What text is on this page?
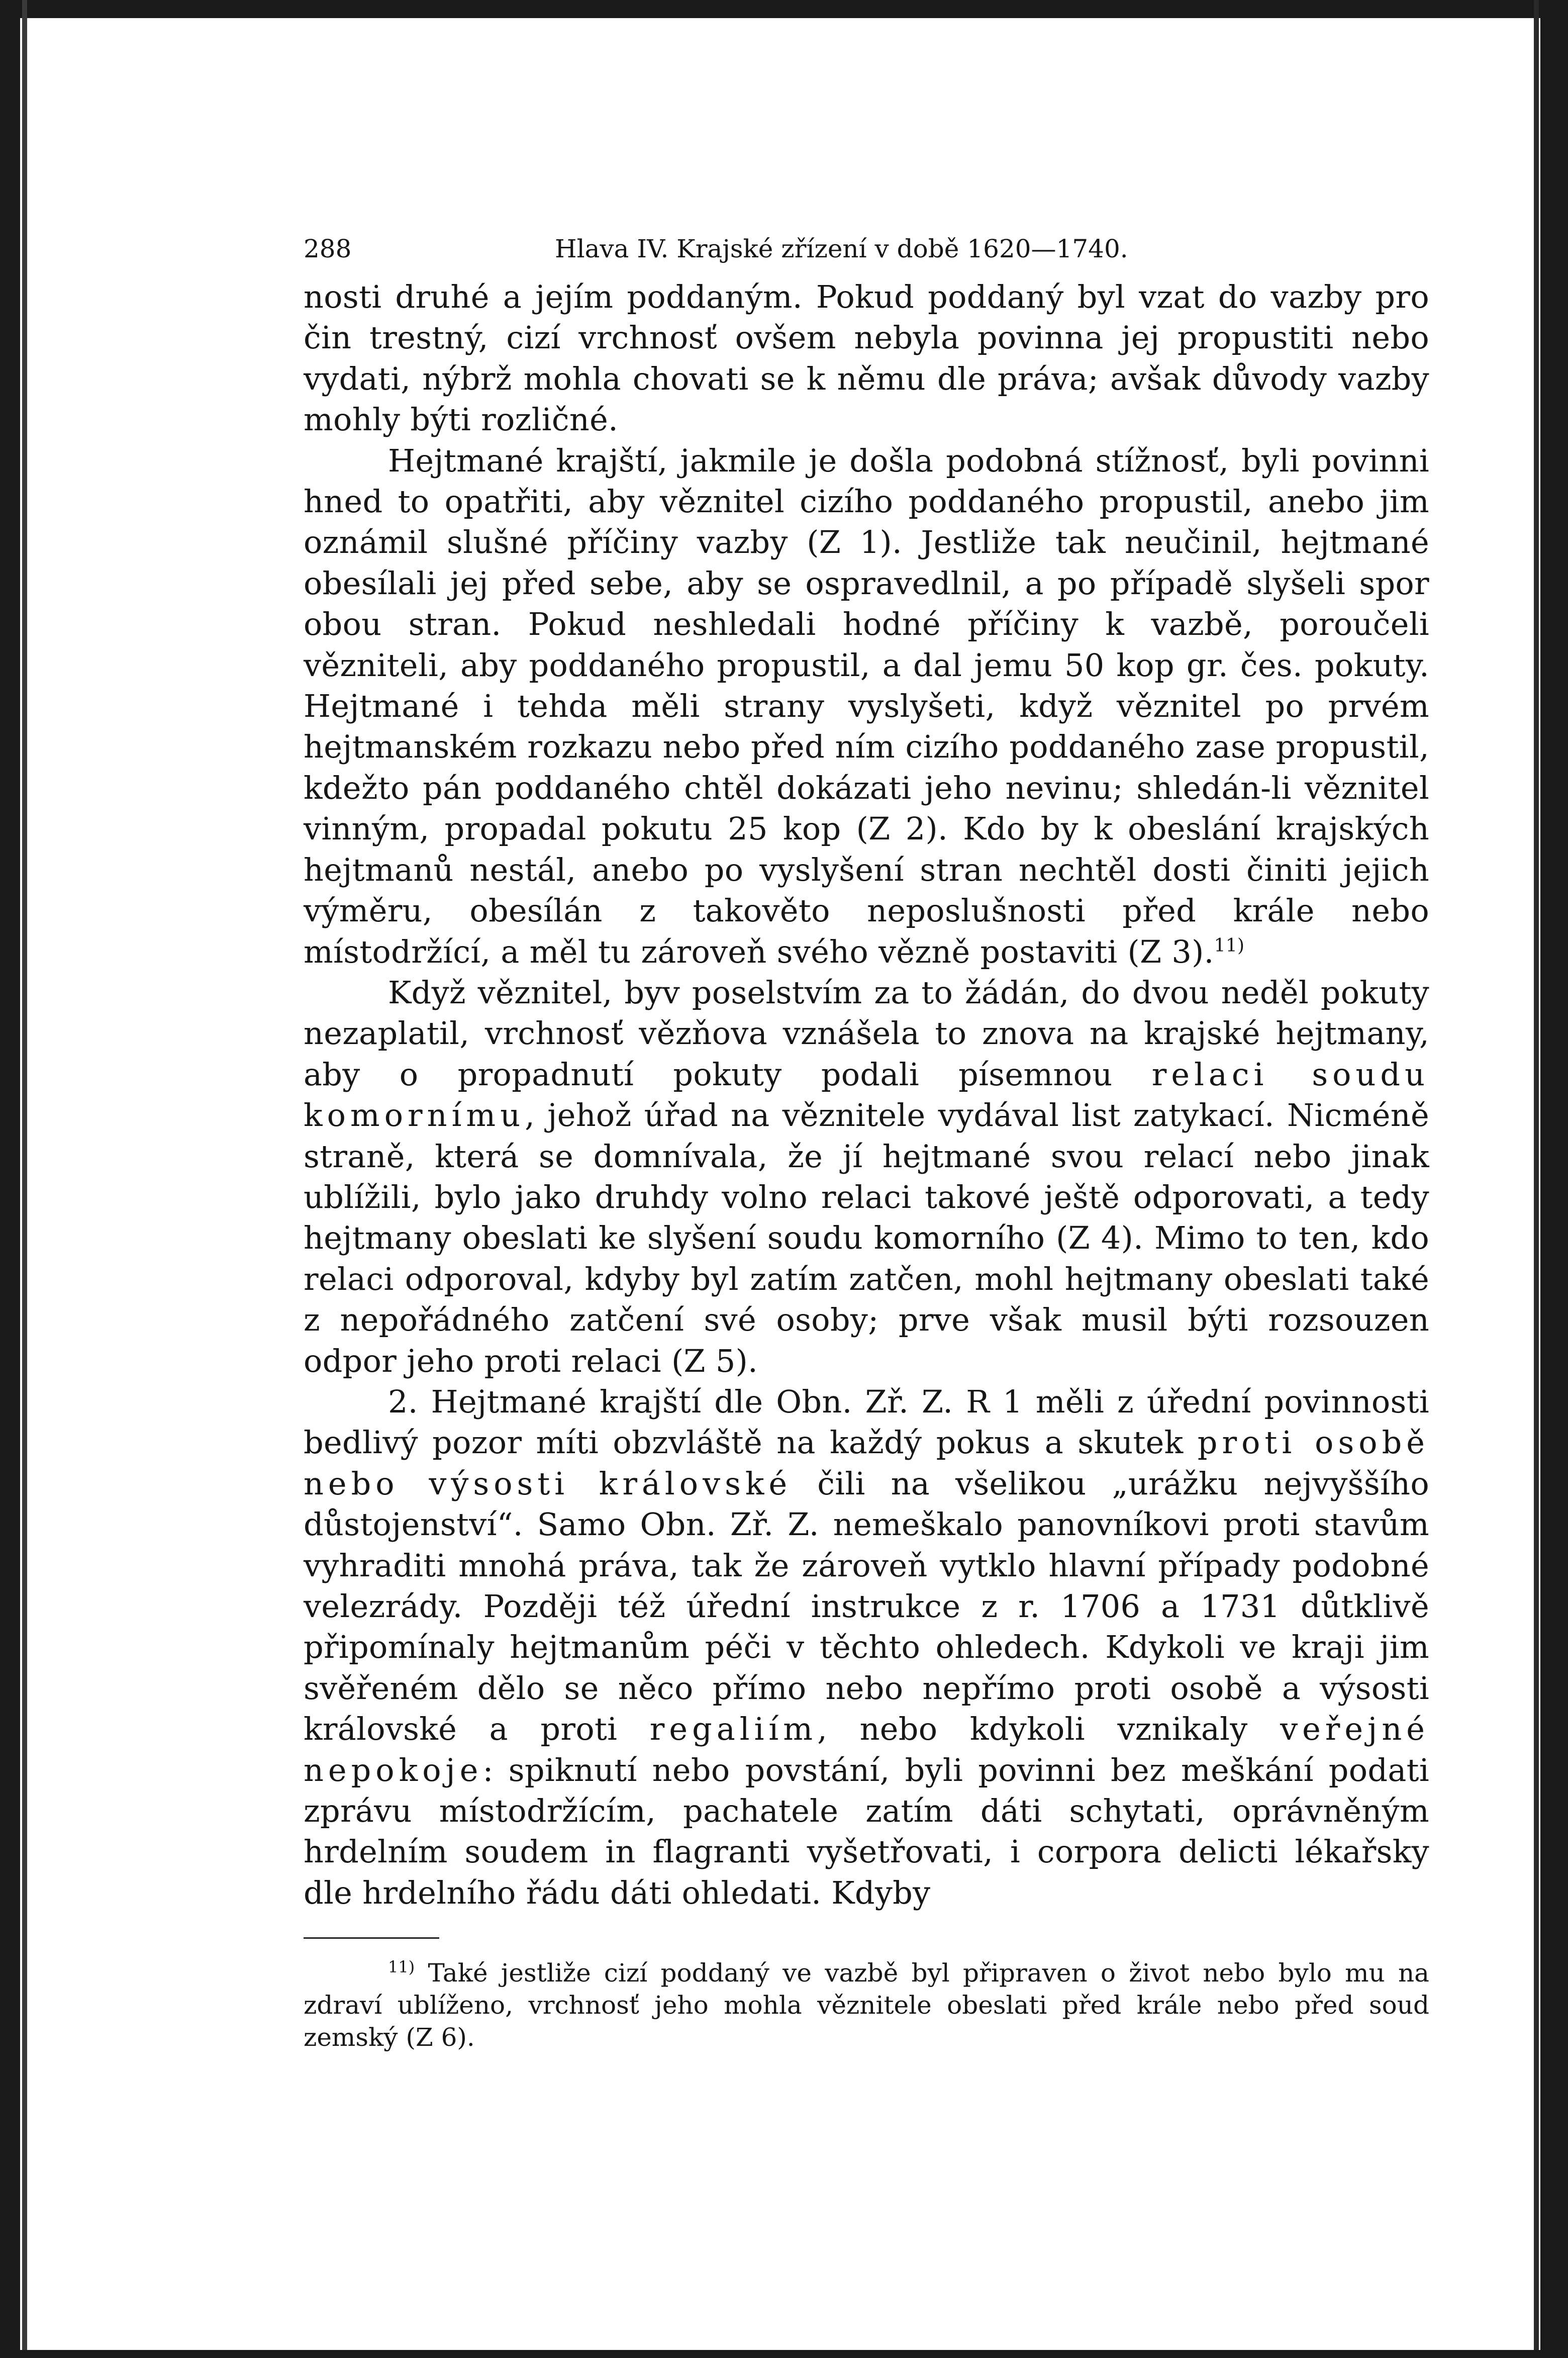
288	Hlava IV. Krajské zřízení v době 1620—1740.

nosti druhé a jejím poddaným. Pokud poddaný byl vzat do vazby pro čin trestný, cizí vrchnosť ovšem nebyla povinna jej propustiti nebo vydati, nýbrž mohla chovati se k němu dle práva; avšak důvody vazby mohly býti rozličné.

Hejtmané krajští, jakmile je došla podobná stížnosť, byli povinni hned to opatřiti, aby věznitel cizího poddaného propustil, anebo jim oznámil slušné příčiny vazby (Z 1). Jestliže tak neučinil, hejtmané obesílali jej před sebe, aby se ospravedlnil, a po případě slyšeli spor obou stran. Pokud neshledali hodné příčiny k vazbě, poroučeli vězniteli, aby poddaného propustil, a dal jemu 50 kop gr. čes. pokuty. Hejtmané i tehda měli strany vyslyšeti, když věznitel po prvém hejtmanském rozkazu nebo před ním cizího poddaného zase propustil, kdežto pán poddaného chtěl dokázati jeho nevinu; shledán-li věznitel vinným, propadal pokutu 25 kop (Z 2). Kdo by k obeslání krajských hejtmanů nestál, anebo po vyslyšení stran nechtěl dosti činiti jejich výměru, obesílán z takověto neposlušnosti před krále nebo místodržící, a měl tu zároveň svého vězně postaviti (Z 3).$^{11)}$

Když věznitel, byv poselstvím za to žádán, do dvou neděl pokuty nezaplatil, vrchnosť vězňova vznášela to znova na krajské hejtmany, aby o propadnutí pokuty podali písemnou relaci soudu komornímu, jehož úřad na věznitele vydával list zatykací. Nicméně straně, která se domnívala, že jí hejtmané svou relací nebo jinak ublížili, bylo jako druhdy volno relaci takové ještě odporovati, a tedy hejtmany obeslati ke slyšení soudu komorního (Z 4). Mimo to ten, kdo relaci odporoval, kdyby byl zatím zatčen, mohl hejtmany obeslati také z nepořádného zatčení své osoby; prve však musil býti rozsouzen odpor jeho proti relaci (Z 5).

2. Hejtmané krajští dle Obn. Zř. Z. R 1 měli z úřední povinnosti bedlivý pozor míti obzvláště na každý pokus a skutek proti osobě nebo výsosti královské čili na všelikou „urážku nejvyššího důstojenství“. Samo Obn. Zř. Z. nemeškalo panovníkovi proti stavům vyhraditi mnohá práva, tak že zároveň vytklo hlavní případy podobné velezrády. Později též úřední instrukce z r. 1706 a 1731 důtklivě připomínaly hejtmanům péči v těchto ohledech. Kdykoli ve kraji jim svěřeném dělo se něco přímo nebo nepřímo proti osobě a výsosti královské a proti regaliím, nebo kdykoli vznikaly veřejné nepokoje: spiknutí nebo povstání, byli povinni bez meškání podati zprávu místodržícím, pachatele zatím dáti schytati, oprávněným hrdelním soudem in flagranti vyšetřovati, i corpora delicti lékařsky dle hrdelního řádu dáti ohledati. Kdyby

$^{11)}$ Také jestliže cizí poddaný ve vazbě byl připraven o život nebo bylo mu na zdraví ublíženo, vrchnosť jeho mohla věznitele obeslati před krále nebo před soud zemský (Z 6).
